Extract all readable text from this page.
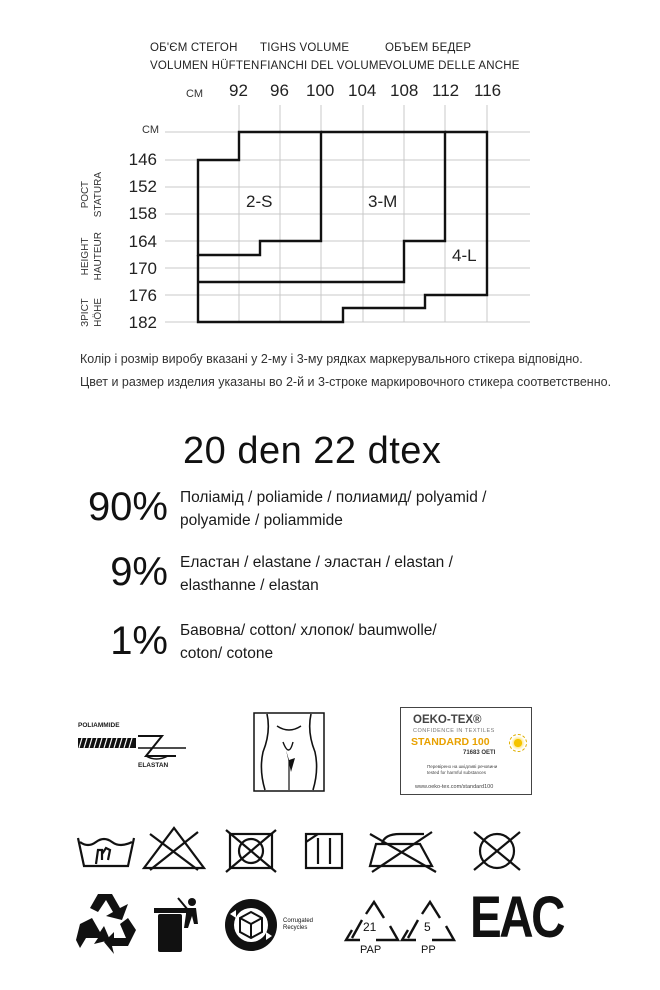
ОБ'ЄМ СТЕГОН
VOLUMEN HÜFTEN
TIGHS VOLUME
FIANCHI DEL VOLUME
ОБЪЕМ БЕДЕР
VOLUME DELLE ANCHE
СМ 92 96 100 104 108 112 116
СМ
146
152
158
164
170
176
182
РОСТ STATURA
HEIGHT HAUTEUR
ЗРІСТ HÖHE
2-S	3-M
4-L
Колір і розмір виробу вказані у 2-му і 3-му рядках маркерувального стікера відповідно.
Цвет и размер изделия указаны во 2-й и 3-строке маркировочного стикера соответственно.
20 den 22 dtex
90% Поліамід / poliamide / полиамид/ polyamid /
polyamide / poliammide
9% Еластан / elastane / эластан / elastan /
elasthanne / elastan
1% Бавовна/ cotton/ хлопок/ baumwolle/
coton/ cotone
POLIAMMIDE
ELASTAN
OEKO-TEX®
CONFIDENCE IN TEXTILES
STANDARD 100
71683 OETI
Перевірено на шкідливі речовини
tested for harmful substances
www.oeko-tex.com/standard100
Corrugated Recycles	21
PAP
5
PP EAC
